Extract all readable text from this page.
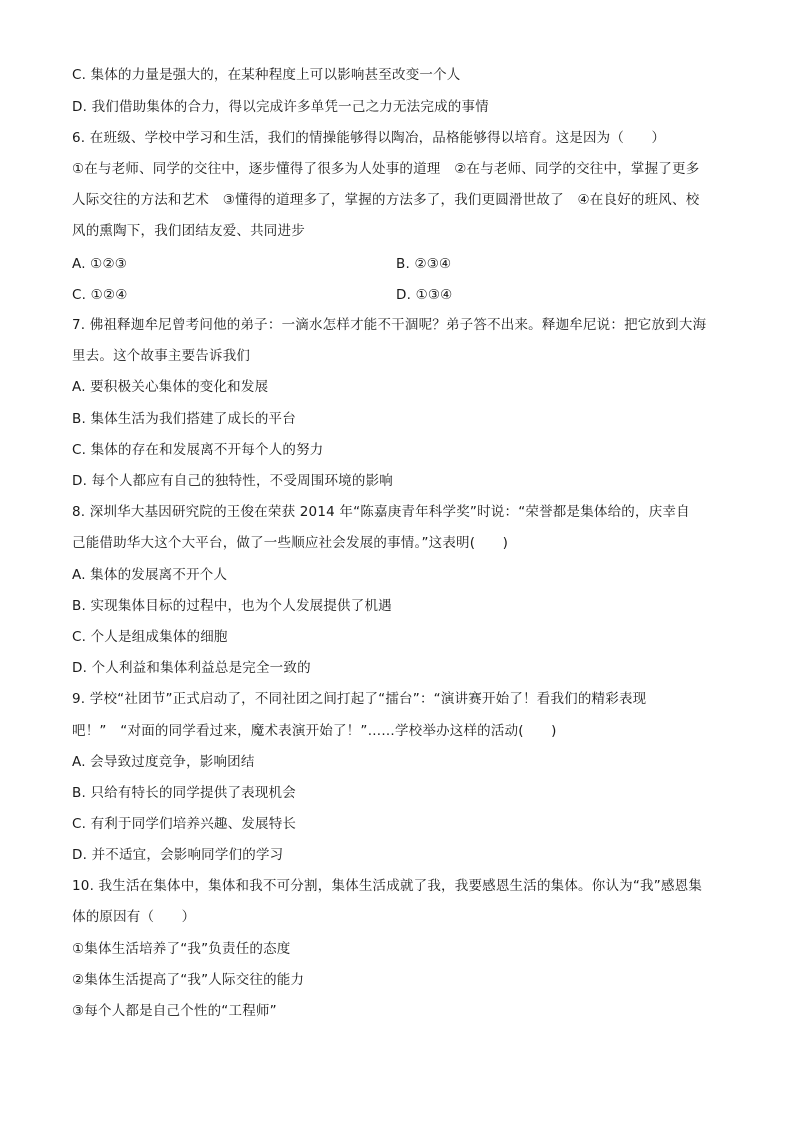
C. 集体的力量是强大的，在某种程度上可以影响甚至改变一个人
D. 我们借助集体的合力，得以完成许多单凭一己之力无法完成的事情
6. 在班级、学校中学习和生活，我们的情操能够得以陶冶，品格能够得以培育。这是因为（　　）
①在与老师、同学的交往中，逐步懂得了很多为人处事的道理　②在与老师、同学的交往中，掌握了更多
人际交往的方法和艺术　③懂得的道理多了，掌握的方法多了，我们更圆滑世故了　④在良好的班风、校
风的熏陶下，我们团结友爱、共同进步
A. ①②③	B. ②③④
C. ①②④	D. ①③④
7. 佛祖释迦牟尼曾考问他的弟子：一滴水怎样才能不干涸呢？弟子答不出来。释迦牟尼说：把它放到大海
里去。这个故事主要告诉我们
A. 要积极关心集体的变化和发展
B. 集体生活为我们搭建了成长的平台
C. 集体的存在和发展离不开每个人的努力
D. 每个人都应有自己的独特性，不受周围环境的影响
8. 深圳华大基因研究院的王俊在荣获 2014 年“陈嘉庚青年科学奖”时说：“荣誉都是集体给的，庆幸自
己能借助华大这个大平台，做了一些顺应社会发展的事情。”这表明(　　)
A. 集体的发展离不开个人
B. 实现集体目标的过程中，也为个人发展提供了机遇
C. 个人是组成集体的细胞
D. 个人利益和集体利益总是完全一致的
9. 学校“社团节”正式启动了，不同社团之间打起了“擂台”：“演讲赛开始了！看我们的精彩表现
吧！”　“对面的同学看过来，魔术表演开始了！”……学校举办这样的活动(　　)
A. 会导致过度竞争，影响团结
B. 只给有特长的同学提供了表现机会
C. 有利于同学们培养兴趣、发展特长
D. 并不适宜，会影响同学们的学习
10. 我生活在集体中，集体和我不可分割，集体生活成就了我，我要感恩生活的集体。你认为“我”感恩集
体的原因有（　　）
①集体生活培养了“我”负责任的态度
②集体生活提高了“我”人际交往的能力
③每个人都是自己个性的“工程师”
